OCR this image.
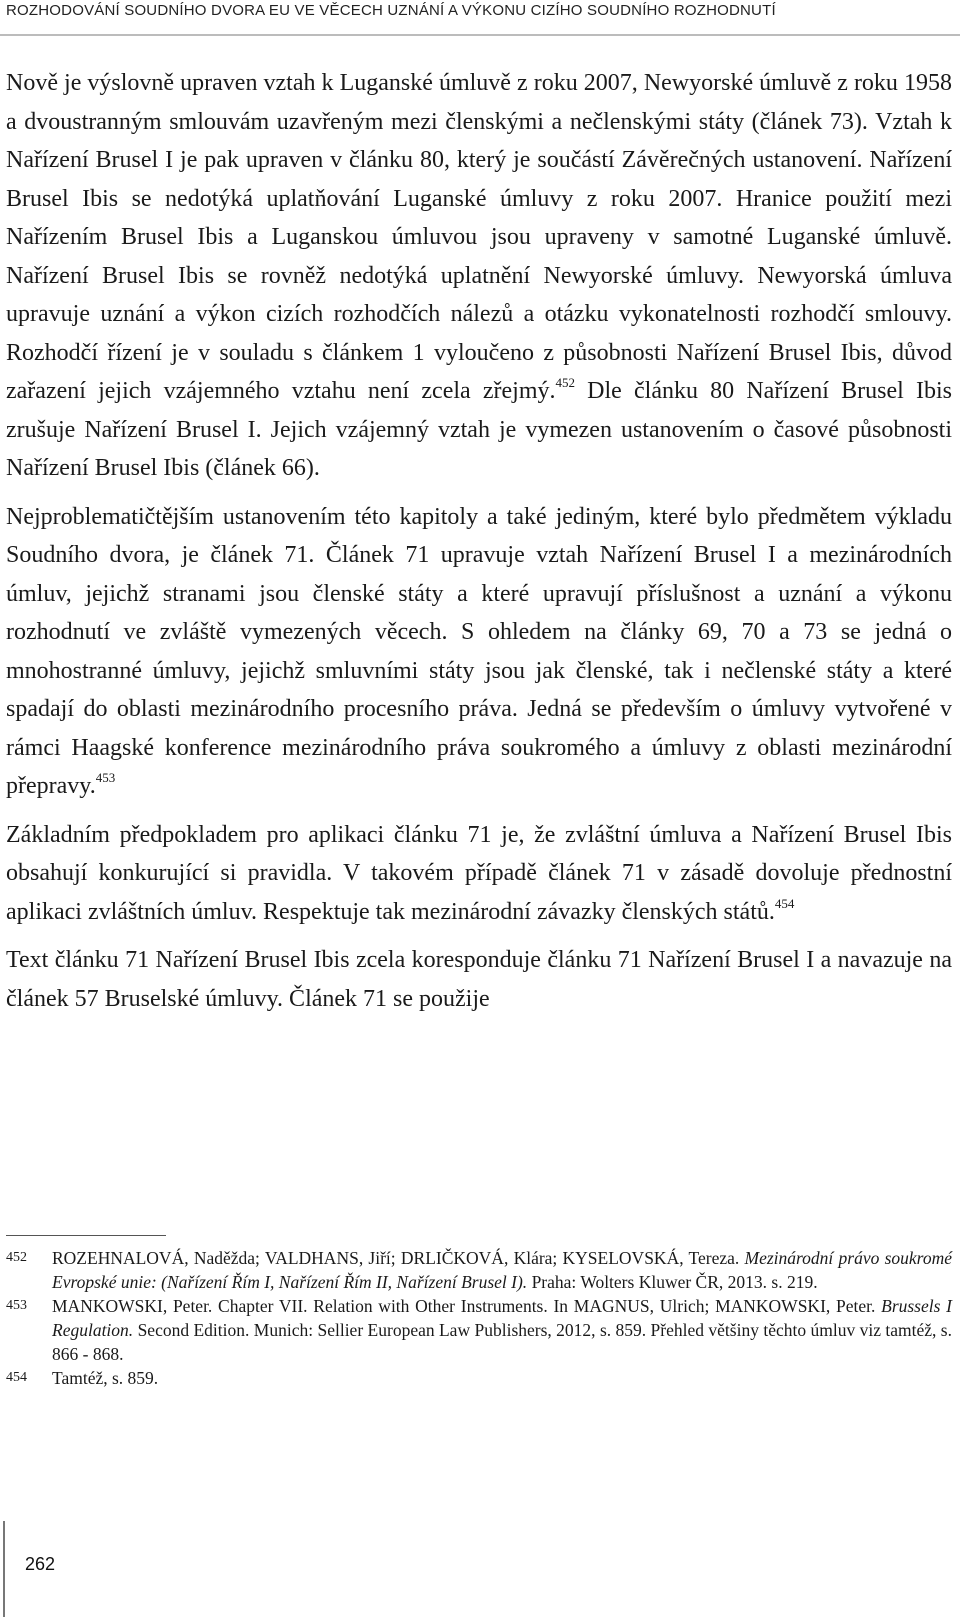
ROZHODOVÁNÍ SOUDNÍHO DVORA EU VE VĚCECH UZNÁNÍ A VÝKONU CIZÍHO SOUDNÍHO ROZHODNUTÍ

Nově je výslovně upraven vztah k Luganské úmluvě z roku 2007, Newyorské úmluvě z roku 1958 a dvoustranným smlouvám uzavřeným mezi členskými a nečlenskými státy (článek 73). Vztah k Nařízení Brusel I je pak upraven v článku 80, který je součástí Závěrečných ustanovení. Nařízení Brusel Ibis se nedotýká uplatňování Luganské úmluvy z roku 2007. Hranice použití mezi Nařízením Brusel Ibis a Luganskou úmluvou jsou upraveny v samotné Luganské úmluvě. Nařízení Brusel Ibis se rovněž nedotýká uplatnění Newyorské úmluvy. Newyorská úmluva upravuje uznání a výkon cizích rozhodčích nálezů a otázku vykonatelnosti rozhodčí smlouvy. Rozhodčí řízení je v souladu s článkem 1 vyloučeno z působnosti Nařízení Brusel Ibis, důvod zařazení jejich vzájemného vztahu není zcela zřejmý.$^{452}$ Dle článku 80 Nařízení Brusel Ibis zrušuje Nařízení Brusel I. Jejich vzájemný vztah je vymezen ustanovením o časové působnosti Nařízení Brusel Ibis (článek 66).

Nejproblematičtějším ustanovením této kapitoly a také jediným, které bylo předmětem výkladu Soudního dvora, je článek 71. Článek 71 upravuje vztah Nařízení Brusel I a mezinárodních úmluv, jejichž stranami jsou členské státy a které upravují příslušnost a uznání a výkonu rozhodnutí ve zvláště vymezených věcech. S ohledem na články 69, 70 a 73 se jedná o mnohostranné úmluvy, jejichž smluvními státy jsou jak členské, tak i nečlenské státy a které spadají do oblasti mezinárodního procesního práva. Jedná se především o úmluvy vytvořené v rámci Haagské konference mezinárodního práva soukromého a úmluvy z oblasti mezinárodní přepravy.$^{453}$

Základním předpokladem pro aplikaci článku 71 je, že zvláštní úmluva a Nařízení Brusel Ibis obsahují konkurující si pravidla. V takovém případě článek 71 v zásadě dovoluje přednostní aplikaci zvláštních úmluv. Respektuje tak mezinárodní závazky členských států.$^{454}$

Text článku 71 Nařízení Brusel Ibis zcela koresponduje článku 71 Nařízení Brusel I a navazuje na článek 57 Bruselské úmluvy. Článek 71 se použije

452	ROZEHNALOVÁ, Naděžda; VALDHANS, Jiří; DRLIČKOVÁ, Klára; KYSELOVSKÁ, Tereza. Mezinárodní právo soukromé Evropské unie: (Nařízení Řím I, Nařízení Řím II, Nařízení Brusel I). Praha: Wolters Kluwer ČR, 2013. s. 219.
453	MANKOWSKI, Peter. Chapter VII. Relation with Other Instruments. In MAGNUS, Ulrich; MANKOWSKI, Peter. Brussels I Regulation. Second Edition. Munich: Sellier European Law Publishers, 2012, s. 859. Přehled většiny těchto úmluv viz tamtéž, s. 866 - 868.
454	Tamtéž, s. 859.
262
